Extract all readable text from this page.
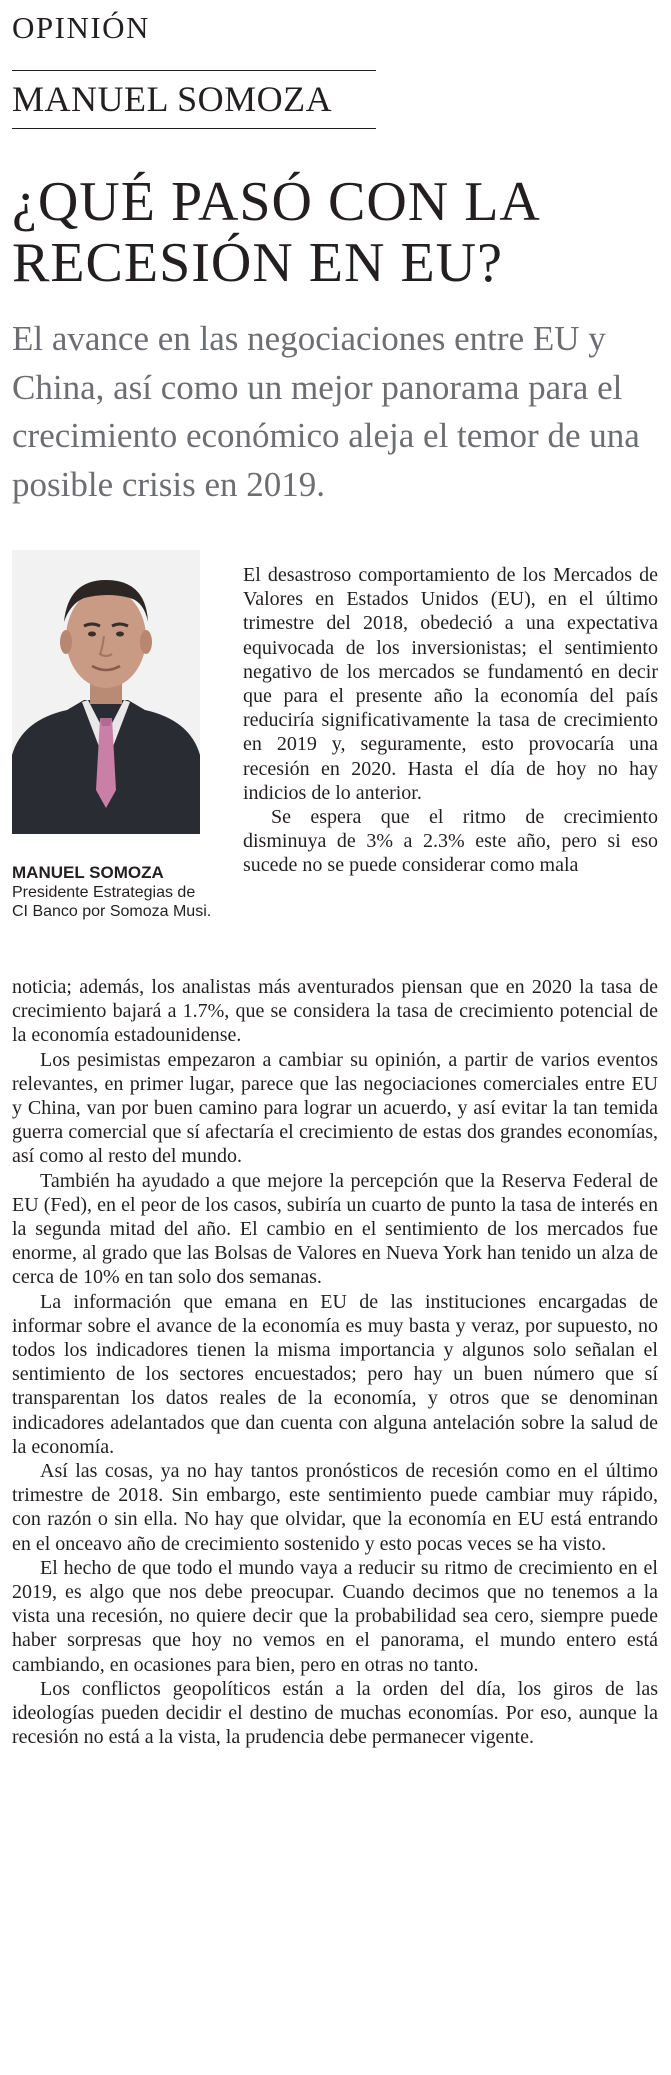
OPINIÓN
MANUEL SOMOZA
¿QUÉ PASÓ CON LA RECESIÓN EN EU?

El avance en las negociaciones entre EU y China, así como un mejor panorama para el crecimiento económico aleja el temor de una posible crisis en 2019.

MANUEL SOMOZA
Presidente Estrategias de CI Banco por Somoza Musi.

El desastroso comportamiento de los Mercados de Valores en Estados Unidos (EU), en el último trimestre del 2018, obedeció a una expectativa equivocada de los inversionistas; el sentimiento negativo de los mercados se fundamentó en decir que para el presente año la economía del país reduciría significativamente la tasa de crecimiento en 2019 y, seguramente, esto provocaría una recesión en 2020. Hasta el día de hoy no hay indicios de lo anterior.

Se espera que el ritmo de crecimiento disminuya de 3% a 2.3% este año, pero si eso sucede no se puede considerar como mala

noticia; además, los analistas más aventurados piensan que en 2020 la tasa de crecimiento bajará a 1.7%, que se considera la tasa de crecimiento potencial de la economía estadounidense.

Los pesimistas empezaron a cambiar su opinión, a partir de varios eventos relevantes, en primer lugar, parece que las negociaciones comerciales entre EU y China, van por buen camino para lograr un acuerdo, y así evitar la tan temida guerra comercial que sí afectaría el crecimiento de estas dos grandes economías, así como al resto del mundo.

También ha ayudado a que mejore la percepción que la Reserva Federal de EU (Fed), en el peor de los casos, subiría un cuarto de punto la tasa de interés en la segunda mitad del año. El cambio en el sentimiento de los mercados fue enorme, al grado que las Bolsas de Valores en Nueva York han tenido un alza de cerca de 10% en tan solo dos semanas.

La información que emana en EU de las instituciones encargadas de informar sobre el avance de la economía es muy basta y veraz, por supuesto, no todos los indicadores tienen la misma importancia y algunos solo señalan el sentimiento de los sectores encuestados; pero hay un buen número que sí transparentan los datos reales de la economía, y otros que se denominan indicadores adelantados que dan cuenta con alguna antelación sobre la salud de la economía.

Así las cosas, ya no hay tantos pronósticos de recesión como en el último trimestre de 2018. Sin embargo, este sentimiento puede cambiar muy rápido, con razón o sin ella. No hay que olvidar, que la economía en EU está entrando en el onceavo año de crecimiento sostenido y esto pocas veces se ha visto.

El hecho de que todo el mundo vaya a reducir su ritmo de crecimiento en el 2019, es algo que nos debe preocupar. Cuando decimos que no tenemos a la vista una recesión, no quiere decir que la probabilidad sea cero, siempre puede haber sorpresas que hoy no vemos en el panorama, el mundo entero está cambiando, en ocasiones para bien, pero en otras no tanto.

Los conflictos geopolíticos están a la orden del día, los giros de las ideologías pueden decidir el destino de muchas economías. Por eso, aunque la recesión no está a la vista, la prudencia debe permanecer vigente.
